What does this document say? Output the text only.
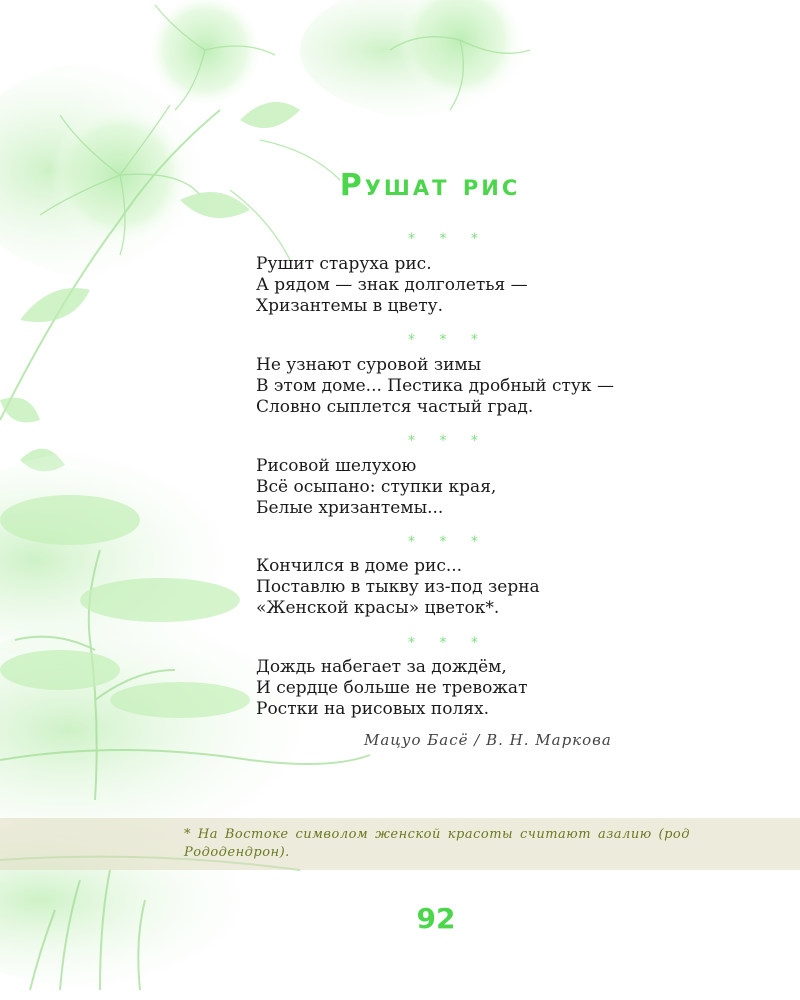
Рушат рис
* * *
Рушит старуха рис.
А рядом — знак долголетья —
Хризантемы в цвету.
* * *
Не узнают суровой зимы
В этом доме... Пестика дробный стук —
Словно сыплется частый град.
* * *
Рисовой шелухою
Всё осыпано: ступки края,
Белые хризантемы...
* * *
Кончился в доме рис...
Поставлю в тыкву из-под зерна
«Женской красы» цветок*.
* * *
Дождь набегает за дождём,
И сердце больше не тревожат
Ростки на рисовых полях.
Мацуо Басё / В. Н. Маркова
* На Востоке символом женской красоты считают азалию (род Рододендрон).
92
